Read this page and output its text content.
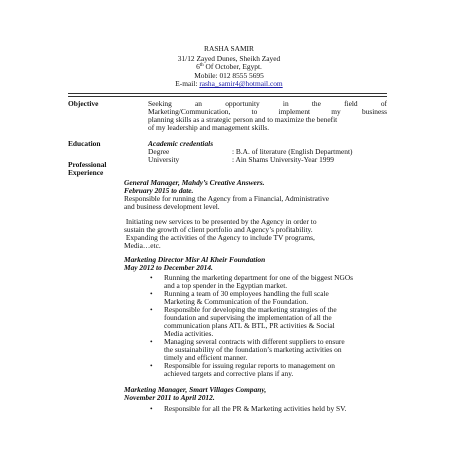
RASHA SAMIR
31/12 Zayed Dunes, Sheikh Zayed
6th Of October, Egypt.
Mobile: 012 8555 5695
E-mail: rasha_samir4@hotmail.com
Objective	Seeking an opportunity in the field of
Marketing/Communication, to implement my business
planning skills as a strategic person and to maximize the benefit
of my leadership and management skills.
Education	Academic credentials
Degree	: B.A. of literature (English Department)
University	: Ain Shams University-Year 1999
Professional
Experience
General Manager, Mahdy’s Creative Answers.
February 2015 to date.
Responsible for running the Agency from a Financial, Administrative
and business development level.
Initiating new services to be presented by the Agency in order to
sustain the growth of client portfolio and Agency’s profitability.
Expanding the activities of the Agency to include TV programs,
Media…etc.
Marketing Director Misr Al Kheir Foundation
May 2012 to December 2014.
• Running the marketing department for one of the biggest NGOs
and a top spender in the Egyptian market.
• Running a team of 30 employees handling the full scale
Marketing & Communication of the Foundation.
• Responsible for developing the marketing strategies of the
foundation and supervising the implementation of all the
communication plans ATL & BTL, PR activities & Social
Media activities.
• Managing several contracts with different suppliers to ensure
the sustainability of the foundation’s marketing activities on
timely and efficient manner.
• Responsible for issuing regular reports to management on
achieved targets and corrective plans if any.
Marketing Manager, Smart Villages Company,
November 2011 to April 2012.
• Responsible for all the PR & Marketing activities held by SV.
